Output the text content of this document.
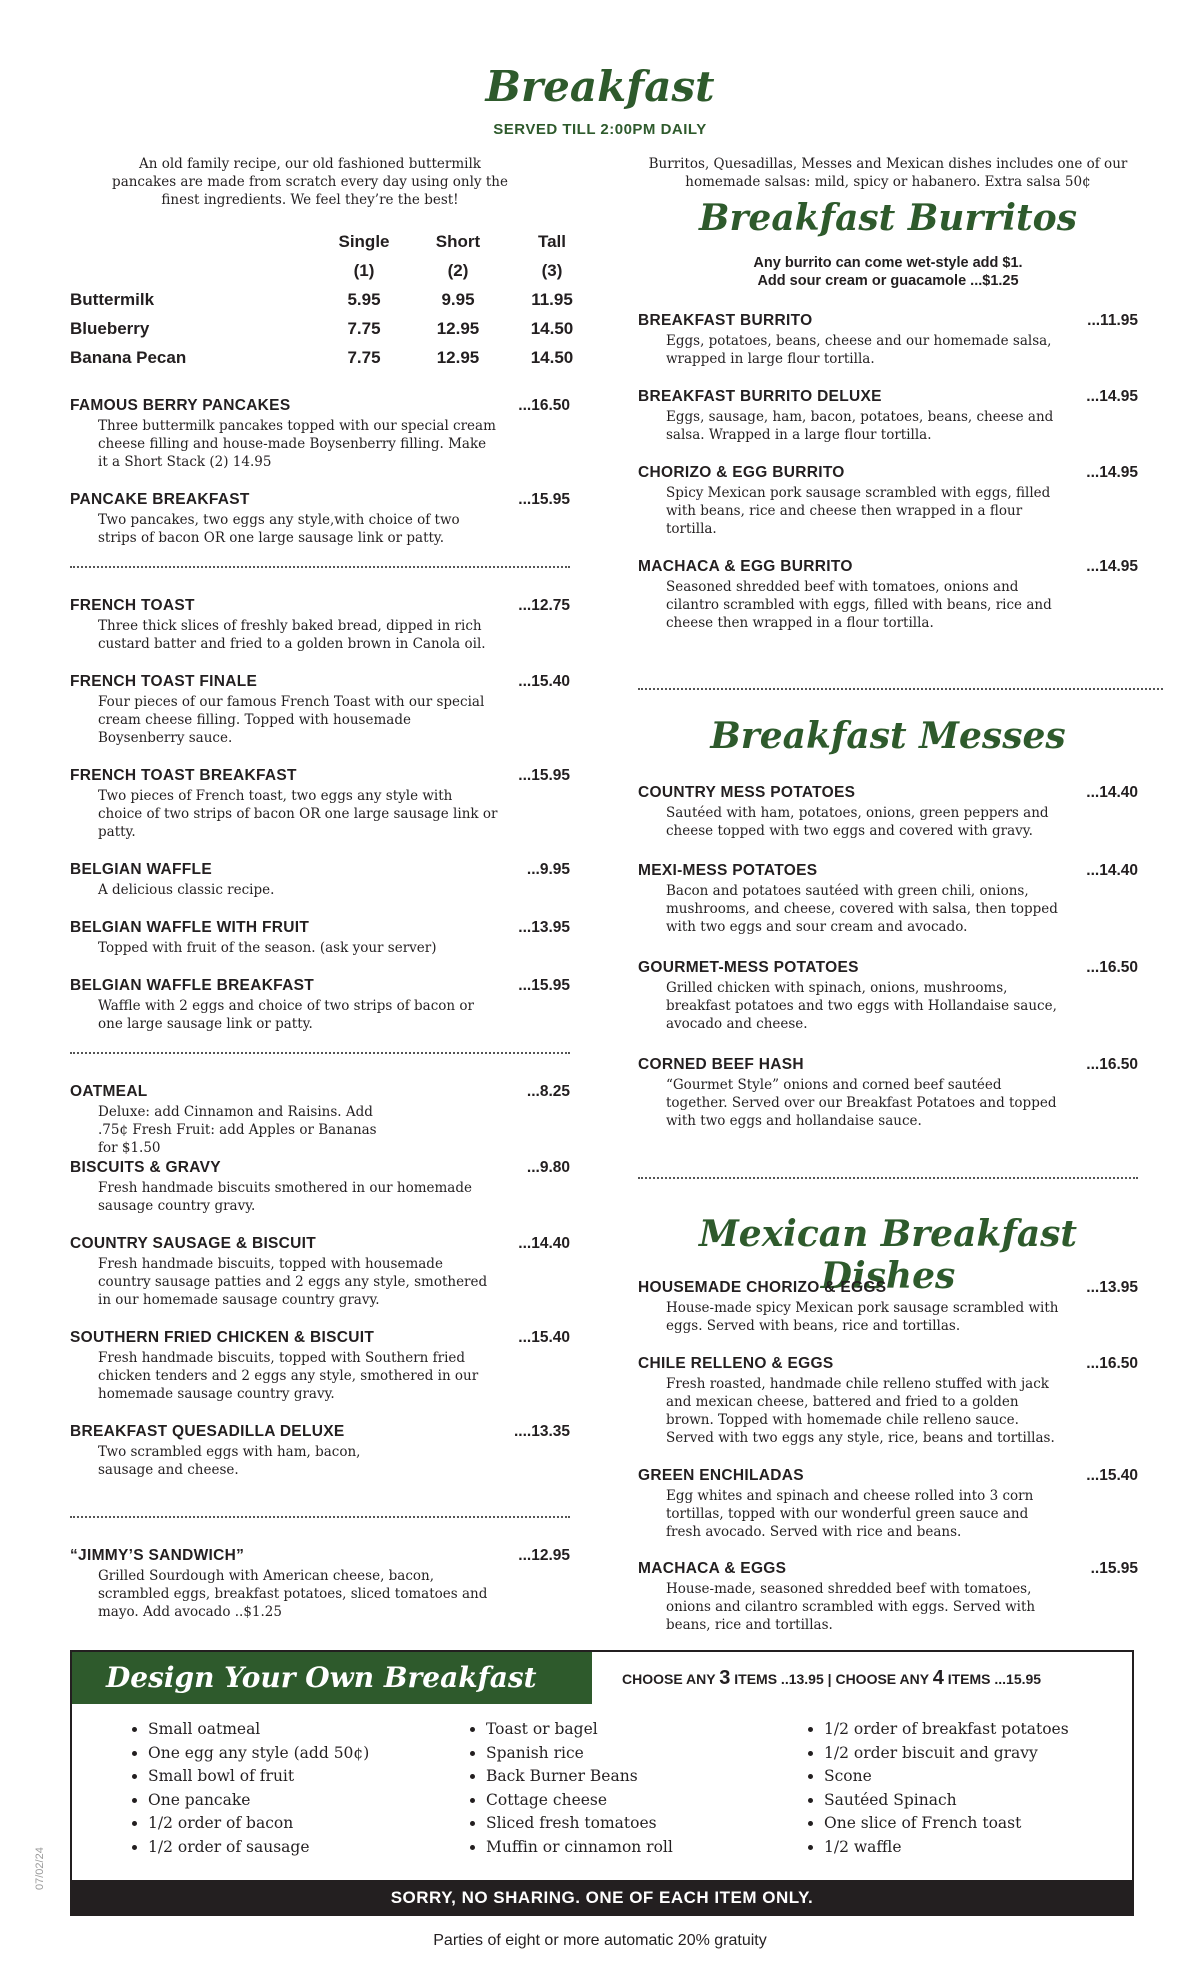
Breakfast
SERVED TILL 2:00PM DAILY
An old family recipe, our old fashioned buttermilk pancakes are made from scratch every day using only the finest ingredients. We feel they’re the best!
Single	Short	Tall
(1)	(2)	(3)
Buttermilk	5.95	9.95	11.95
Blueberry	7.75	12.95	14.50
Banana Pecan	7.75	12.95	14.50
FAMOUS BERRY PANCAKES	...16.50
Three buttermilk pancakes topped with our special cream cheese filling and house-made Boysenberry filling. Make it a Short Stack (2) 14.95
PANCAKE BREAKFAST	...15.95
Two pancakes, two eggs any style,with choice of two strips of bacon OR one large sausage link or patty.
FRENCH TOAST	...12.75
Three thick slices of freshly baked bread, dipped in rich custard batter and fried to a golden brown in Canola oil.
FRENCH TOAST FINALE	...15.40
Four pieces of our famous French Toast with our special cream cheese filling. Topped with housemade Boysenberry sauce.
FRENCH TOAST BREAKFAST	...15.95
Two pieces of French toast, two eggs any style with choice of two strips of bacon OR one large sausage link or patty.
BELGIAN WAFFLE	...9.95
A delicious classic recipe.
BELGIAN WAFFLE WITH FRUIT	...13.95
Topped with fruit of the season. (ask your server)
BELGIAN WAFFLE BREAKFAST	...15.95
Waffle with 2 eggs and choice of two strips of bacon or one large sausage link or patty.
OATMEAL	...8.25
Deluxe: add Cinnamon and Raisins. Add .75¢ Fresh Fruit: add Apples or Bananas for $1.50
BISCUITS & GRAVY	...9.80
Fresh handmade biscuits smothered in our homemade sausage country gravy.
COUNTRY SAUSAGE & BISCUIT	...14.40
Fresh handmade biscuits, topped with housemade country sausage patties and 2 eggs any style, smothered in our homemade sausage country gravy.
SOUTHERN FRIED CHICKEN & BISCUIT	...15.40
Fresh handmade biscuits, topped with Southern fried chicken tenders and 2 eggs any style, smothered in our homemade sausage country gravy.
BREAKFAST QUESADILLA DELUXE	....13.35
Two scrambled eggs with ham, bacon, sausage and cheese.
“JIMMY’S SANDWICH”	...12.95
Grilled Sourdough with American cheese, bacon, scrambled eggs, breakfast potatoes, sliced tomatoes and mayo. Add avocado ..$1.25
Burritos, Quesadillas, Messes and Mexican dishes includes one of our homemade salsas: mild, spicy or habanero. Extra salsa 50¢
Breakfast Burritos
Any burrito can come wet-style add $1.
Add sour cream or guacamole ...$1.25
BREAKFAST BURRITO	...11.95
Eggs, potatoes, beans, cheese and our homemade salsa, wrapped in large flour tortilla.
BREAKFAST BURRITO DELUXE	...14.95
Eggs, sausage, ham, bacon, potatoes, beans, cheese and salsa. Wrapped in a large flour tortilla.
CHORIZO & EGG BURRITO	...14.95
Spicy Mexican pork sausage scrambled with eggs, filled with beans, rice and cheese then wrapped in a flour tortilla.
MACHACA & EGG BURRITO	...14.95
Seasoned shredded beef with tomatoes, onions and cilantro scrambled with eggs, filled with beans, rice and cheese then wrapped in a flour tortilla.
Breakfast Messes
COUNTRY MESS POTATOES	...14.40
Sautéed with ham, potatoes, onions, green peppers and cheese topped with two eggs and covered with gravy.
MEXI-MESS POTATOES	...14.40
Bacon and potatoes sautéed with green chili, onions, mushrooms, and cheese, covered with salsa, then topped with two eggs and sour cream and avocado.
GOURMET-MESS POTATOES	...16.50
Grilled chicken with spinach, onions, mushrooms, breakfast potatoes and two eggs with Hollandaise sauce, avocado and cheese.
CORNED BEEF HASH	...16.50
“Gourmet Style” onions and corned beef sautéed together. Served over our Breakfast Potatoes and topped with two eggs and hollandaise sauce.
Mexican Breakfast Dishes
HOUSEMADE CHORIZO & EGGS	...13.95
House-made spicy Mexican pork sausage scrambled with eggs. Served with beans, rice and tortillas.
CHILE RELLENO & EGGS	...16.50
Fresh roasted, handmade chile relleno stuffed with jack and mexican cheese, battered and fried to a golden brown. Topped with homemade chile relleno sauce. Served with two eggs any style, rice, beans and tortillas.
GREEN ENCHILADAS	...15.40
Egg whites and spinach and cheese rolled into 3 corn tortillas, topped with our wonderful green sauce and fresh avocado. Served with rice and beans.
MACHACA & EGGS	..15.95
House-made, seasoned shredded beef with tomatoes, onions and cilantro scrambled with eggs. Served with beans, rice and tortillas.
Design Your Own Breakfast	CHOOSE ANY 3 ITEMS ..13.95 | CHOOSE ANY 4 ITEMS ...15.95
• Small oatmeal
• One egg any style (add 50¢)
• Small bowl of fruit
• One pancake
• 1/2 order of bacon
• 1/2 order of sausage
• Toast or bagel
• Spanish rice
• Back Burner Beans
• Cottage cheese
• Sliced fresh tomatoes
• Muffin or cinnamon roll
• 1/2 order of breakfast potatoes
• 1/2 order biscuit and gravy
• Scone
• Sautéed Spinach
• One slice of French toast
• 1/2 waffle
SORRY, NO SHARING. ONE OF EACH ITEM ONLY.
Parties of eight or more automatic 20% gratuity
07/02/24
